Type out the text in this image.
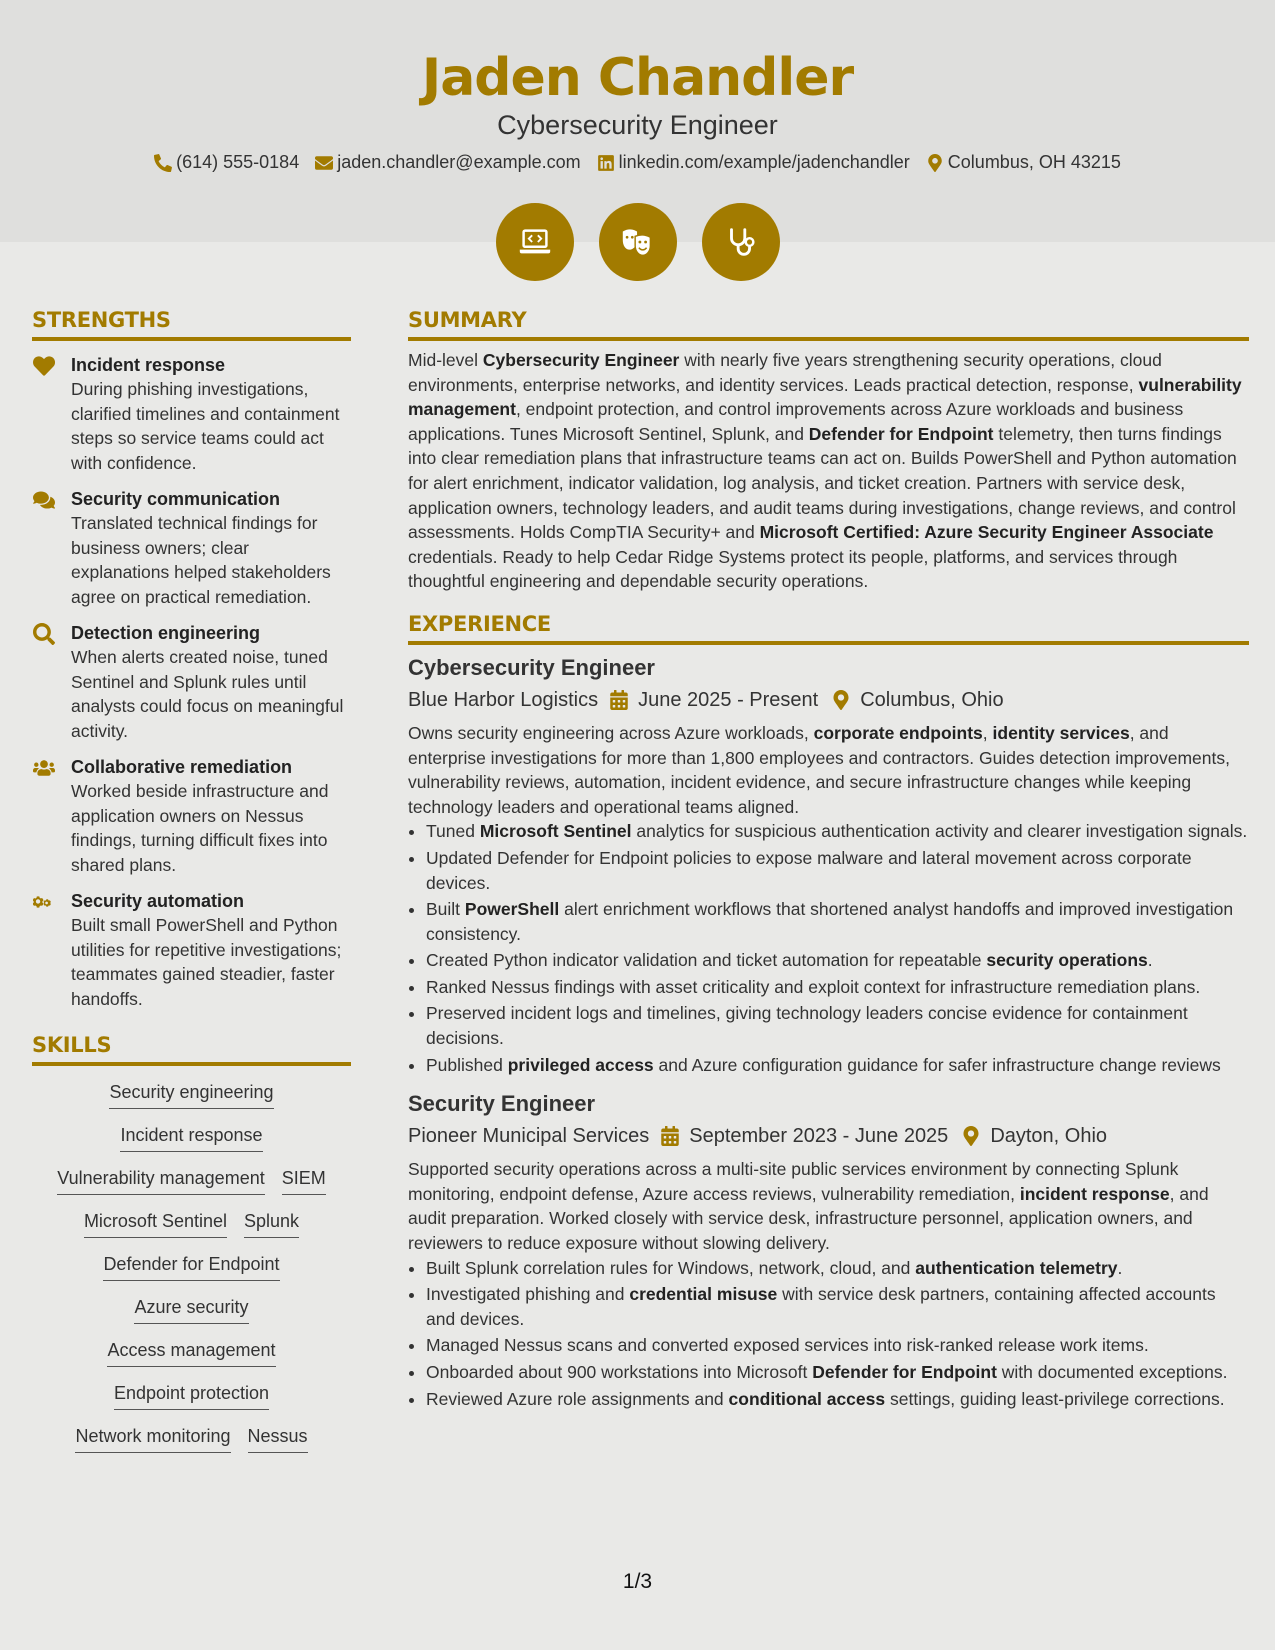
Jaden Chandler
Cybersecurity Engineer
(614) 555-0184 jaden.chandler@example.com linkedin.com/example/jadenchandler Columbus, OH 43215
STRENGTHS
Incident response
During phishing investigations, clarified timelines and containment steps so service teams could act with confidence.
Security communication
Translated technical findings for business owners; clear explanations helped stakeholders agree on practical remediation.
Detection engineering
When alerts created noise, tuned Sentinel and Splunk rules until analysts could focus on meaningful activity.
Collaborative remediation
Worked beside infrastructure and application owners on Nessus findings, turning difficult fixes into shared plans.
Security automation
Built small PowerShell and Python utilities for repetitive investigations; teammates gained steadier, faster handoffs.
SKILLS
Security engineering
Incident response
Vulnerability management SIEM
Microsoft Sentinel Splunk
Defender for Endpoint
Azure security
Access management
Endpoint protection
Network monitoring Nessus
SUMMARY

Mid-level Cybersecurity Engineer with nearly five years strengthening security operations, cloud environments, enterprise networks, and identity services. Leads practical detection, response, vulnerability management, endpoint protection, and control improvements across Azure workloads and business applications. Tunes Microsoft Sentinel, Splunk, and Defender for Endpoint telemetry, then turns findings into clear remediation plans that infrastructure teams can act on. Builds PowerShell and Python automation for alert enrichment, indicator validation, log analysis, and ticket creation. Partners with service desk, application owners, technology leaders, and audit teams during investigations, change reviews, and control assessments. Holds CompTIA Security+ and Microsoft Certified: Azure Security Engineer Associate credentials. Ready to help Cedar Ridge Systems protect its people, platforms, and services through thoughtful engineering and dependable security operations.

EXPERIENCE
Cybersecurity Engineer
Blue Harbor Logistics June 2025 - Present Columbus, Ohio

Owns security engineering across Azure workloads, corporate endpoints, identity services, and enterprise investigations for more than 1,800 employees and contractors. Guides detection improvements, vulnerability reviews, automation, incident evidence, and secure infrastructure changes while keeping technology leaders and operational teams aligned.

• Tuned Microsoft Sentinel analytics for suspicious authentication activity and clearer investigation signals.
• Updated Defender for Endpoint policies to expose malware and lateral movement across corporate devices.
• Built PowerShell alert enrichment workflows that shortened analyst handoffs and improved investigation consistency.
• Created Python indicator validation and ticket automation for repeatable security operations.
• Ranked Nessus findings with asset criticality and exploit context for infrastructure remediation plans.
• Preserved incident logs and timelines, giving technology leaders concise evidence for containment decisions.
• Published privileged access and Azure configuration guidance for safer infrastructure change reviews
Security Engineer
Pioneer Municipal Services September 2023 - June 2025 Dayton, Ohio

Supported security operations across a multi-site public services environment by connecting Splunk monitoring, endpoint defense, Azure access reviews, vulnerability remediation, incident response, and audit preparation. Worked closely with service desk, infrastructure personnel, application owners, and reviewers to reduce exposure without slowing delivery.

• Built Splunk correlation rules for Windows, network, cloud, and authentication telemetry.
• Investigated phishing and credential misuse with service desk partners, containing affected accounts and devices.
• Managed Nessus scans and converted exposed services into risk-ranked release work items.
• Onboarded about 900 workstations into Microsoft Defender for Endpoint with documented exceptions.
• Reviewed Azure role assignments and conditional access settings, guiding least-privilege corrections.
1/3
